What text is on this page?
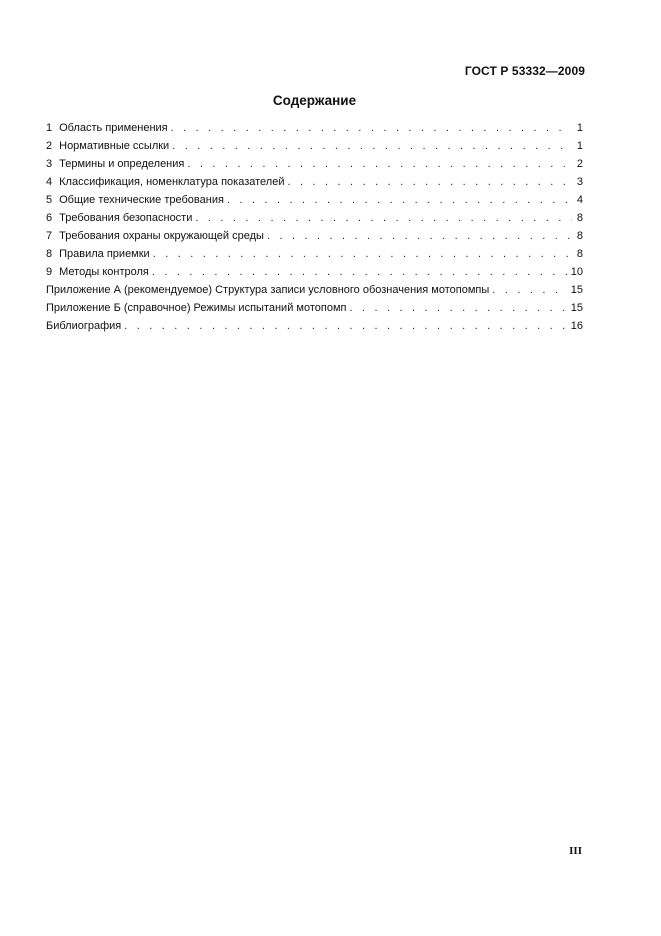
ГОСТ Р 53332—2009
Содержание
1 Область применения . . .	1
2 Нормативные ссылки . . .	1
3 Термины и определения . . .	2
4 Классификация, номенклатура показателей . . .	3
5 Общие технические требования . . .	4
6 Требования безопасности . . .	8
7 Требования охраны окружающей среды . . .	8
8 Правила приемки . . .	8
9 Методы контроля . . .	10
Приложение А (рекомендуемое) Структура записи условного обозначения мотопомпы . . .	15
Приложение Б (справочное) Режимы испытаний мотопомп . . .	15
Библиография . . .	16
III
